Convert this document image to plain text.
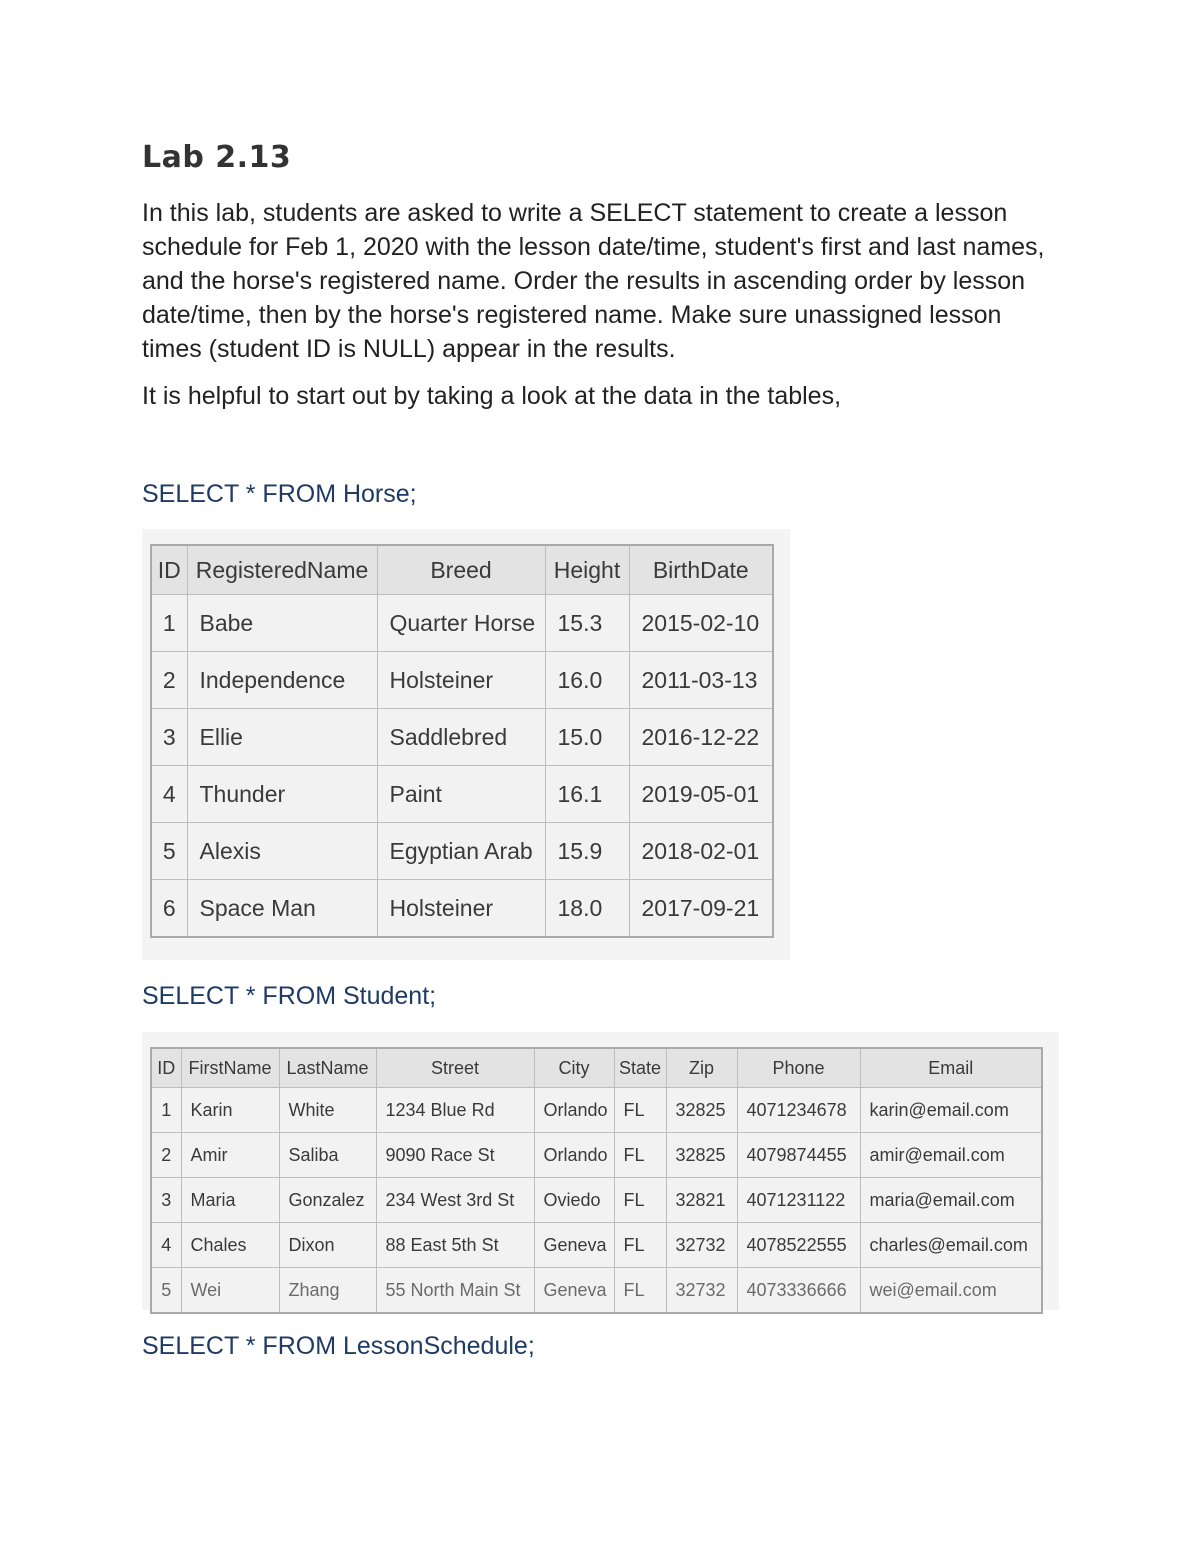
Lab 2.13

In this lab, students are asked to write a SELECT statement to create a lesson schedule for Feb 1, 2020 with the lesson date/time, student's first and last names, and the horse's registered name. Order the results in ascending order by lesson date/time, then by the horse's registered name. Make sure unassigned lesson times (student ID is NULL) appear in the results.

It is helpful to start out by taking a look at the data in the tables,

SELECT * FROM Horse;

ID	RegisteredName	Breed	Height	BirthDate
1	Babe	Quarter Horse	15.3	2015-02-10
2	Independence	Holsteiner	16.0	2011-03-13
3	Ellie	Saddlebred	15.0	2016-12-22
4	Thunder	Paint	16.1	2019-05-01
5	Alexis	Egyptian Arab	15.9	2018-02-01
6	Space Man	Holsteiner	18.0	2017-09-21

SELECT * FROM Student;

ID	FirstName	LastName	Street	City	State	Zip	Phone	Email
1	Karin	White	1234 Blue Rd	Orlando	FL	32825	4071234678	karin@email.com
2	Amir	Saliba	9090 Race St	Orlando	FL	32825	4079874455	amir@email.com
3	Maria	Gonzalez	234 West 3rd St	Oviedo	FL	32821	4071231122	maria@email.com
4	Chales	Dixon	88 East 5th St	Geneva	FL	32732	4078522555	charles@email.com
5	Wei	Zhang	55 North Main St	Geneva	FL	32732	4073336666	wei@email.com

SELECT * FROM LessonSchedule;
